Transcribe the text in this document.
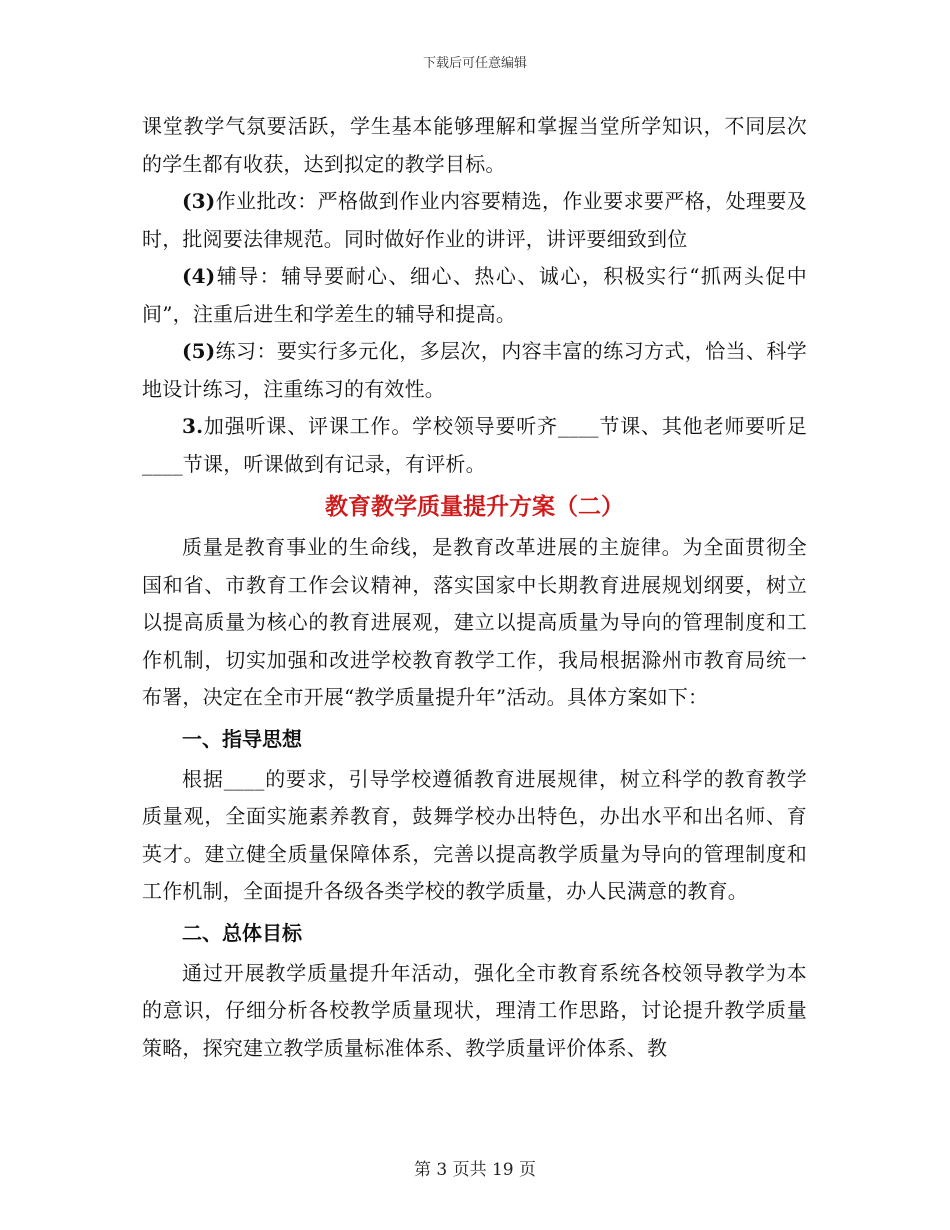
下载后可任意编辑

课堂教学气氛要活跃，学生基本能够理解和掌握当堂所学知识，不同层次的学生都有收获，达到拟定的教学目标。

(3)作业批改：严格做到作业内容要精选，作业要求要严格，处理要及时，批阅要法律规范。同时做好作业的讲评，讲评要细致到位

(4)辅导：辅导要耐心、细心、热心、诚心，积极实行“抓两头促中间”，注重后进生和学差生的辅导和提高。

(5)练习：要实行多元化，多层次，内容丰富的练习方式，恰当、科学地设计练习，注重练习的有效性。

3.加强听课、评课工作。学校领导要听齐____节课、其他老师要听足____节课，听课做到有记录，有评析。

教育教学质量提升方案（二）

质量是教育事业的生命线，是教育改革进展的主旋律。为全面贯彻全国和省、市教育工作会议精神，落实国家中长期教育进展规划纲要，树立以提高质量为核心的教育进展观，建立以提高质量为导向的管理制度和工作机制，切实加强和改进学校教育教学工作，我局根据滁州市教育局统一布署，决定在全市开展“教学质量提升年”活动。具体方案如下：

一、指导思想

根据____的要求，引导学校遵循教育进展规律，树立科学的教育教学质量观，全面实施素养教育，鼓舞学校办出特色，办出水平和出名师、育英才。建立健全质量保障体系，完善以提高教学质量为导向的管理制度和工作机制，全面提升各级各类学校的教学质量，办人民满意的教育。

二、总体目标

通过开展教学质量提升年活动，强化全市教育系统各校领导教学为本的意识，仔细分析各校教学质量现状，理清工作思路，讨论提升教学质量策略，探究建立教学质量标准体系、教学质量评价体系、教

第 3 页共 19 页
